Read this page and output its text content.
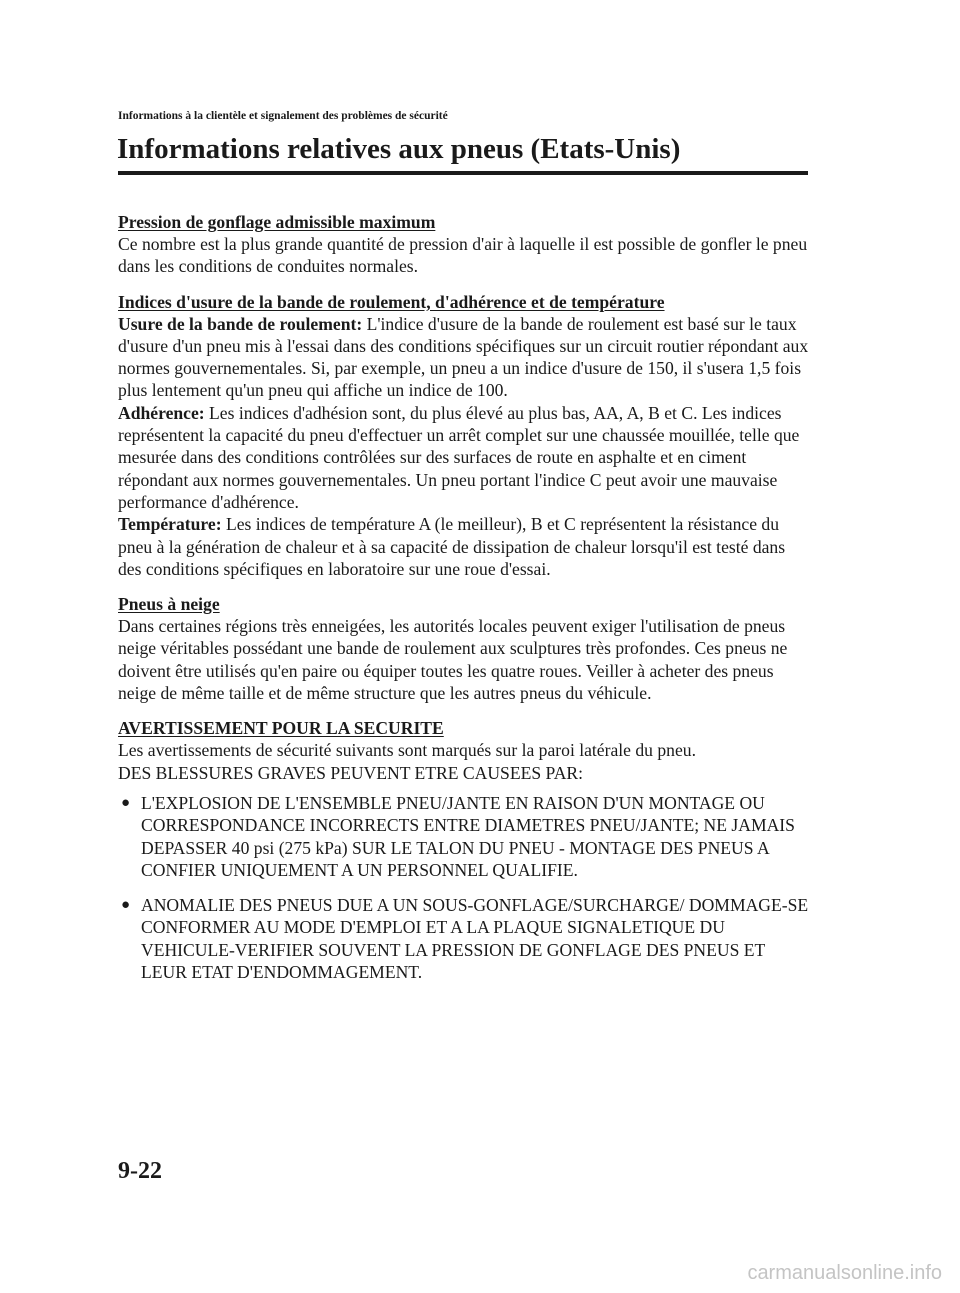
Informations à la clientèle et signalement des problèmes de sécurité
Informations relatives aux pneus (Etats-Unis)

Pression de gonflage admissible maximum

Ce nombre est la plus grande quantité de pression d'air à laquelle il est possible de gonfler le pneu dans les conditions de conduites normales.

Indices d'usure de la bande de roulement, d'adhérence et de température

Usure de la bande de roulement: L'indice d'usure de la bande de roulement est basé sur le taux d'usure d'un pneu mis à l'essai dans des conditions spécifiques sur un circuit routier répondant aux normes gouvernementales. Si, par exemple, un pneu a un indice d'usure de 150, il s'usera 1,5 fois plus lentement qu'un pneu qui affiche un indice de 100.

Adhérence: Les indices d'adhésion sont, du plus élevé au plus bas, AA, A, B et C. Les indices représentent la capacité du pneu d'effectuer un arrêt complet sur une chaussée mouillée, telle que mesurée dans des conditions contrôlées sur des surfaces de route en asphalte et en ciment répondant aux normes gouvernementales. Un pneu portant l'indice C peut avoir une mauvaise performance d'adhérence.

Température: Les indices de température A (le meilleur), B et C représentent la résistance du pneu à la génération de chaleur et à sa capacité de dissipation de chaleur lorsqu'il est testé dans des conditions spécifiques en laboratoire sur une roue d'essai.

Pneus à neige

Dans certaines régions très enneigées, les autorités locales peuvent exiger l'utilisation de pneus neige véritables possédant une bande de roulement aux sculptures très profondes. Ces pneus ne doivent être utilisés qu'en paire ou équiper toutes les quatre roues. Veiller à acheter des pneus neige de même taille et de même structure que les autres pneus du véhicule.

AVERTISSEMENT POUR LA SECURITE

Les avertissements de sécurité suivants sont marqués sur la paroi latérale du pneu.

DES BLESSURES GRAVES PEUVENT ETRE CAUSEES PAR:

● L'EXPLOSION DE L'ENSEMBLE PNEU/JANTE EN RAISON D'UN MONTAGE OU CORRESPONDANCE INCORRECTS ENTRE DIAMETRES PNEU/JANTE; NE JAMAIS DEPASSER 40 psi (275 kPa) SUR LE TALON DU PNEU - MONTAGE DES PNEUS A CONFIER UNIQUEMENT A UN PERSONNEL QUALIFIE.
● ANOMALIE DES PNEUS DUE A UN SOUS-GONFLAGE/SURCHARGE/ DOMMAGE-SE CONFORMER AU MODE D'EMPLOI ET A LA PLAQUE SIGNALETIQUE DU VEHICULE-VERIFIER SOUVENT LA PRESSION DE GONFLAGE DES PNEUS ET LEUR ETAT D'ENDOMMAGEMENT.
9-22
carmanualsonline.info
